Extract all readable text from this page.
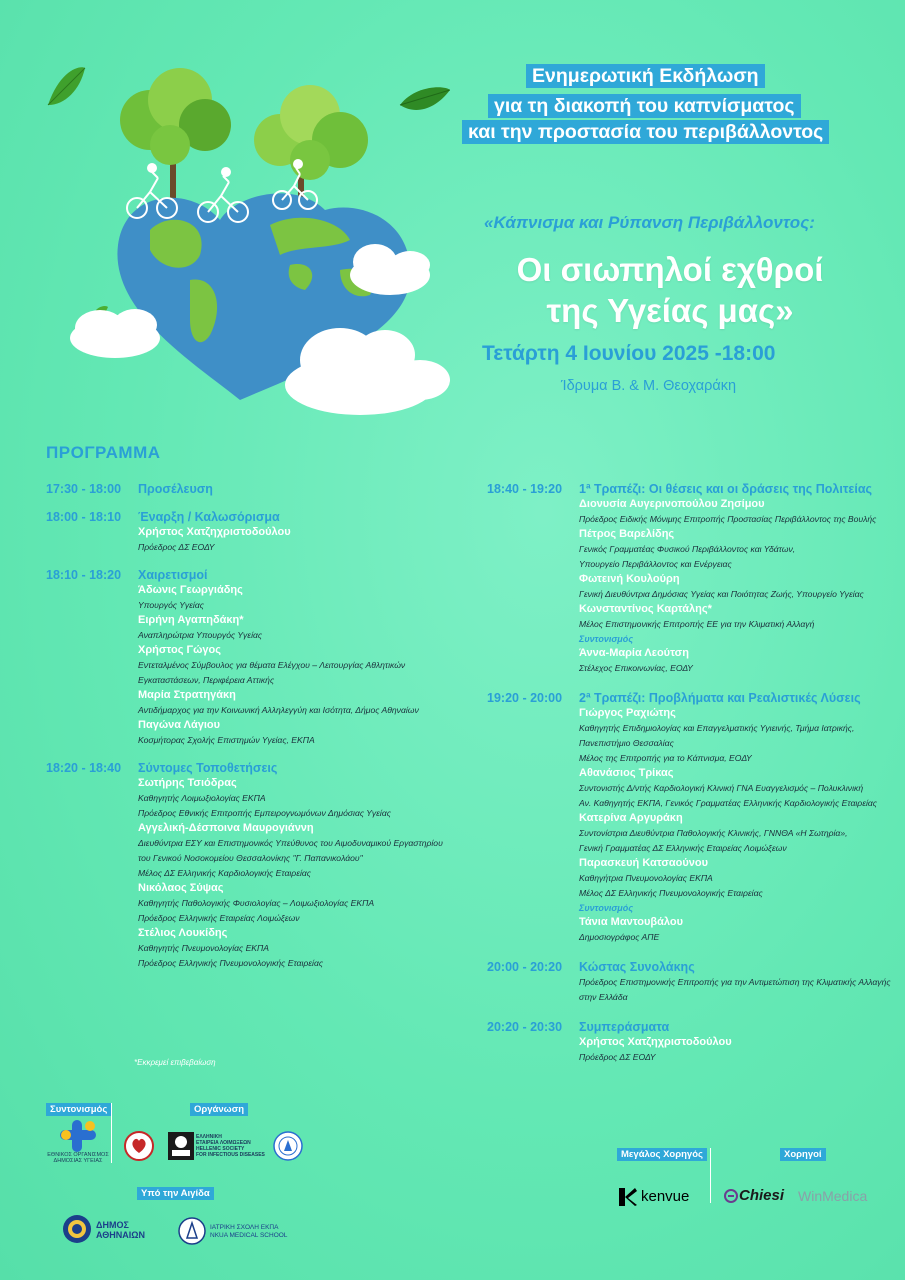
Ενημερωτική Εκδήλωση
για τη διακοπή του καπνίσματος
και την προστασία του περιβάλλοντος
«Κάπνισμα και Ρύπανση Περιβάλλοντος:
Οι σιωπηλοί εχθροί
της Υγείας μας»
Τετάρτη 4 Ιουνίου 2025 -18:00
Ίδρυμα Β. & Μ. Θεοχαράκη
ΠΡΟΓΡΑΜΜΑ
17:30 - 18:00	Προσέλευση
18:00 - 18:10	Έναρξη / Καλωσόρισμα
Χρήστος Χατζηχριστοδούλου
Πρόεδρος ΔΣ ΕΟΔΥ
18:10 - 18:20	Χαιρετισμοί
Άδωνις Γεωργιάδης
Υπουργός Υγείας
Ειρήνη Αγαπηδάκη*
Αναπληρώτρια Υπουργός Υγείας
Χρήστος Γώγος
Εντεταλμένος Σύμβουλος για θέματα Ελέγχου – Λειτουργίας Αθλητικών
Εγκαταστάσεων, Περιφέρεια Αττικής
Μαρία Στρατηγάκη
Αντιδήμαρχος για την Κοινωνική Αλληλεγγύη και Ισότητα, Δήμος Αθηναίων
Παγώνα Λάγιου
Κοσμήτορας Σχολής Επιστημών Υγείας, ΕΚΠΑ
18:20 - 18:40	Σύντομες Τοποθετήσεις
Σωτήρης Τσιόδρας
Καθηγητής Λοιμωξιολογίας ΕΚΠΑ
Πρόεδρος Εθνικής Επιτροπής Εμπειρογνωμόνων Δημόσιας Υγείας
Αγγελική-Δέσποινα Μαυρογιάννη
Διευθύντρια ΕΣΥ και Επιστημονικός Υπεύθυνος του Αιμοδυναμικού Εργαστηρίου
του Γενικού Νοσοκομείου Θεσσαλονίκης "Γ. Παπανικολάου"
Μέλος ΔΣ Ελληνικής Καρδιολογικής Εταιρείας
Νικόλαος Σύψας
Καθηγητής Παθολογικής Φυσιολογίας – Λοιμωξιολογίας ΕΚΠΑ
Πρόεδρος Ελληνικής Εταιρείας Λοιμώξεων
Στέλιος Λουκίδης
Καθηγητής Πνευμονολογίας ΕΚΠΑ
Πρόεδρος Ελληνικής Πνευμονολογικής Εταιρείας
18:40 - 19:20	1ª Τραπέζι: Οι θέσεις και οι δράσεις της Πολιτείας
Διονυσία Αυγερινοπούλου Ζησίμου
Πρόεδρος Ειδικής Μόνιμης Επιτροπής Προστασίας Περιβάλλοντος της Βουλής
Πέτρος Βαρελίδης
Γενικός Γραμματέας Φυσικού Περιβάλλοντος και Υδάτων,
Υπουργείο Περιβάλλοντος και Ενέργειας
Φωτεινή Κουλούρη
Γενική Διευθύντρια Δημόσιας Υγείας και Ποιότητας Ζωής, Υπουργείο Υγείας
Κωνσταντίνος Καρτάλης*
Μέλος Επιστημονικής Επιτροπής ΕΕ για την Κλιματική Αλλαγή
Συντονισμός
Άννα-Μαρία Λεούτση
Στέλεχος Επικοινωνίας, ΕΟΔΥ
19:20 - 20:00	2ª Τραπέζι: Προβλήματα και Ρεαλιστικές Λύσεις
Γιώργος Ραχιώτης
Καθηγητής Επιδημιολογίας και Επαγγελματικής Υγιεινής, Τμήμα Ιατρικής,
Πανεπιστήμιο Θεσσαλίας
Μέλος της Επιτροπής για το Κάπνισμα, ΕΟΔΥ
Αθανάσιος Τρίκας
Συντονιστής Δ/ντής Καρδιολογική Κλινική ΓΝΑ Ευαγγελισμός – Πολυκλινική
Αν. Καθηγητής ΕΚΠΑ, Γενικός Γραμματέας Ελληνικής Καρδιολογικής Εταιρείας
Κατερίνα Αργυράκη
Συντονίστρια Διευθύντρια Παθολογικής Κλινικής, ΓΝΝΘΑ «Η Σωτηρία»,
Γενική Γραμματέας ΔΣ Ελληνικής Εταιρείας Λοιμώξεων
Παρασκευή Κατσαούνου
Καθηγήτρια Πνευμονολογίας ΕΚΠΑ
Μέλος ΔΣ Ελληνικής Πνευμονολογικής Εταιρείας
Συντονισμός
Τάνια Μαντουβάλου
Δημοσιογράφος ΑΠΕ
20:00 - 20:20	Κώστας Συνολάκης
Πρόεδρος Επιστημονικής Επιτροπής για την Αντιμετώπιση της Κλιματικής Αλλαγής
στην Ελλάδα
20:20 - 20:30	Συμπεράσματα
Χρήστος Χατζηχριστοδούλου
Πρόεδρος ΔΣ ΕΟΔΥ
*Εκκρεμεί επιβεβαίωση
Συντονισμός	Οργάνωση
ΕΘΝΙΚΟΣ ΟΡΓΑΝΙΣΜΟΣ ΔΗΜΟΣΙΑΣ ΥΓΕΙΑΣ
ΕΛΛΗΝΙΚΗ
ΕΤΑΙΡΕΙΑ ΛΟΙΜΩΞΕΩΝ
HELLENIC SOCIETY
FOR INFECTIOUS DISEASES
Υπό την Αιγίδα
ΔΗΜΟΣ
ΑΘΗΝΑΙΩΝ
ΙΑΤΡΙΚΗ ΣΧΟΛΗ ΕΚΠΑ
NKUA MEDICAL SCHOOL
Μεγάλος Χορηγός	Χορηγοί
kenvue	Chiesi WinMedica
